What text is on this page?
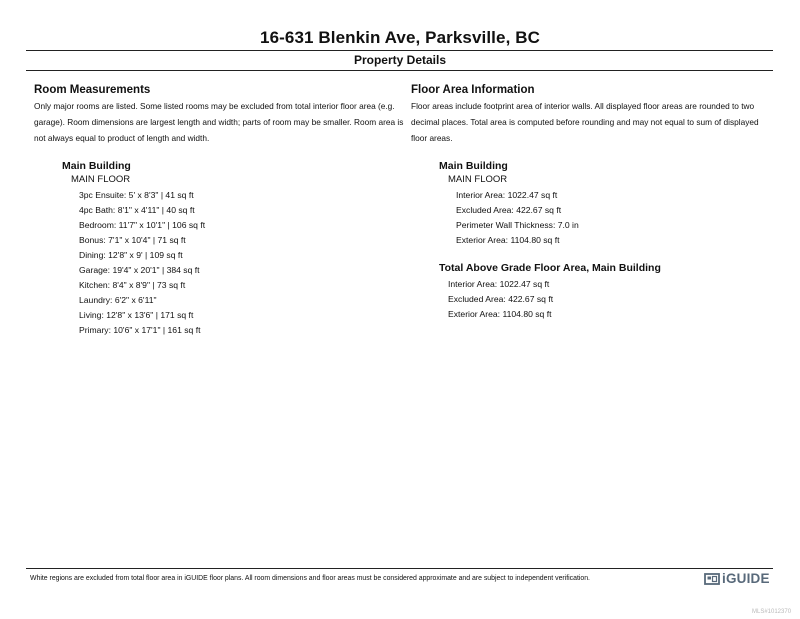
16-631 Blenkin Ave, Parksville, BC
Property Details
Room Measurements

Only major rooms are listed. Some listed rooms may be excluded from total interior floor area (e.g. garage). Room dimensions are largest length and width; parts of room may be smaller. Room area is not always equal to product of length and width.

Main Building
MAIN FLOOR
3pc Ensuite: 5' x 8'3" | 41 sq ft
4pc Bath: 8'1" x 4'11" | 40 sq ft
Bedroom: 11'7" x 10'1" | 106 sq ft
Bonus: 7'1" x 10'4" | 71 sq ft
Dining: 12'8" x 9' | 109 sq ft
Garage: 19'4" x 20'1" | 384 sq ft
Kitchen: 8'4" x 8'9" | 73 sq ft
Laundry: 6'2" x 6'11"
Living: 12'8" x 13'6" | 171 sq ft
Primary: 10'6" x 17'1" | 161 sq ft
Floor Area Information

Floor areas include footprint area of interior walls. All displayed floor areas are rounded to two decimal places. Total area is computed before rounding and may not equal to sum of displayed floor areas.

Main Building
MAIN FLOOR
Interior Area: 1022.47 sq ft
Excluded Area: 422.67 sq ft
Perimeter Wall Thickness: 7.0 in
Exterior Area: 1104.80 sq ft
Total Above Grade Floor Area, Main Building
Interior Area: 1022.47 sq ft
Excluded Area: 422.67 sq ft
Exterior Area: 1104.80 sq ft
White regions are excluded from total floor area in iGUIDE floor plans. All room dimensions and floor areas must be considered approximate and are subject to independent verification.	iGUIDE
MLS#1012370
